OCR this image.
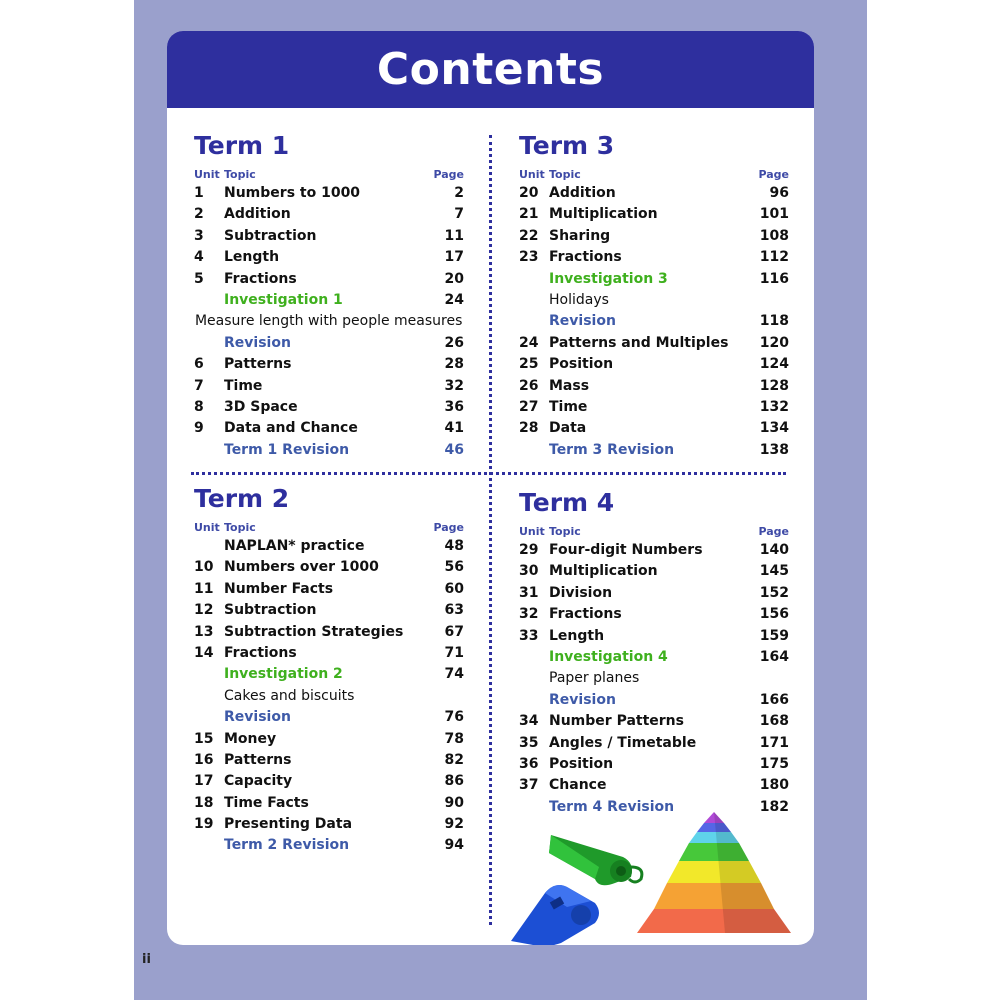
Contents
Term 1
Unit Topic	Page
1	Numbers to 1000	2
2	Addition	7
3	Subtraction	11
4	Length	17
5	Fractions	20
Investigation 1	24
Measure length with people measures
Revision	26
6	Patterns	28
7	Time	32
8	3D Space	36
9	Data and Chance	41
Term 1 Revision	46
Term 3
Unit Topic	Page
20 Addition	96
21 Multiplication	101
22 Sharing	108
23 Fractions	112
Investigation 3	116
Holidays
Revision	118
24 Patterns and Multiples	120
25 Position	124
26 Mass	128
27 Time	132
28 Data	134
Term 3 Revision	138
Term 2
Unit Topic	Page
NAPLAN* practice	48
10 Numbers over 1000	56
11 Number Facts	60
12 Subtraction	63
13 Subtraction Strategies	67
14 Fractions	71
Investigation 2	74
Cakes and biscuits
Revision	76
15 Money	78
16 Patterns	82
17 Capacity	86
18 Time Facts	90
19 Presenting Data	92
Term 2 Revision	94
Term 4
Unit Topic	Page
29 Four-digit Numbers	140
30 Multiplication	145
31 Division	152
32 Fractions	156
33 Length	159
Investigation 4	164
Paper planes
Revision	166
34 Number Patterns	168
35 Angles / Timetable	171
36 Position	175
37 Chance	180
Term 4 Revision	182
ii
